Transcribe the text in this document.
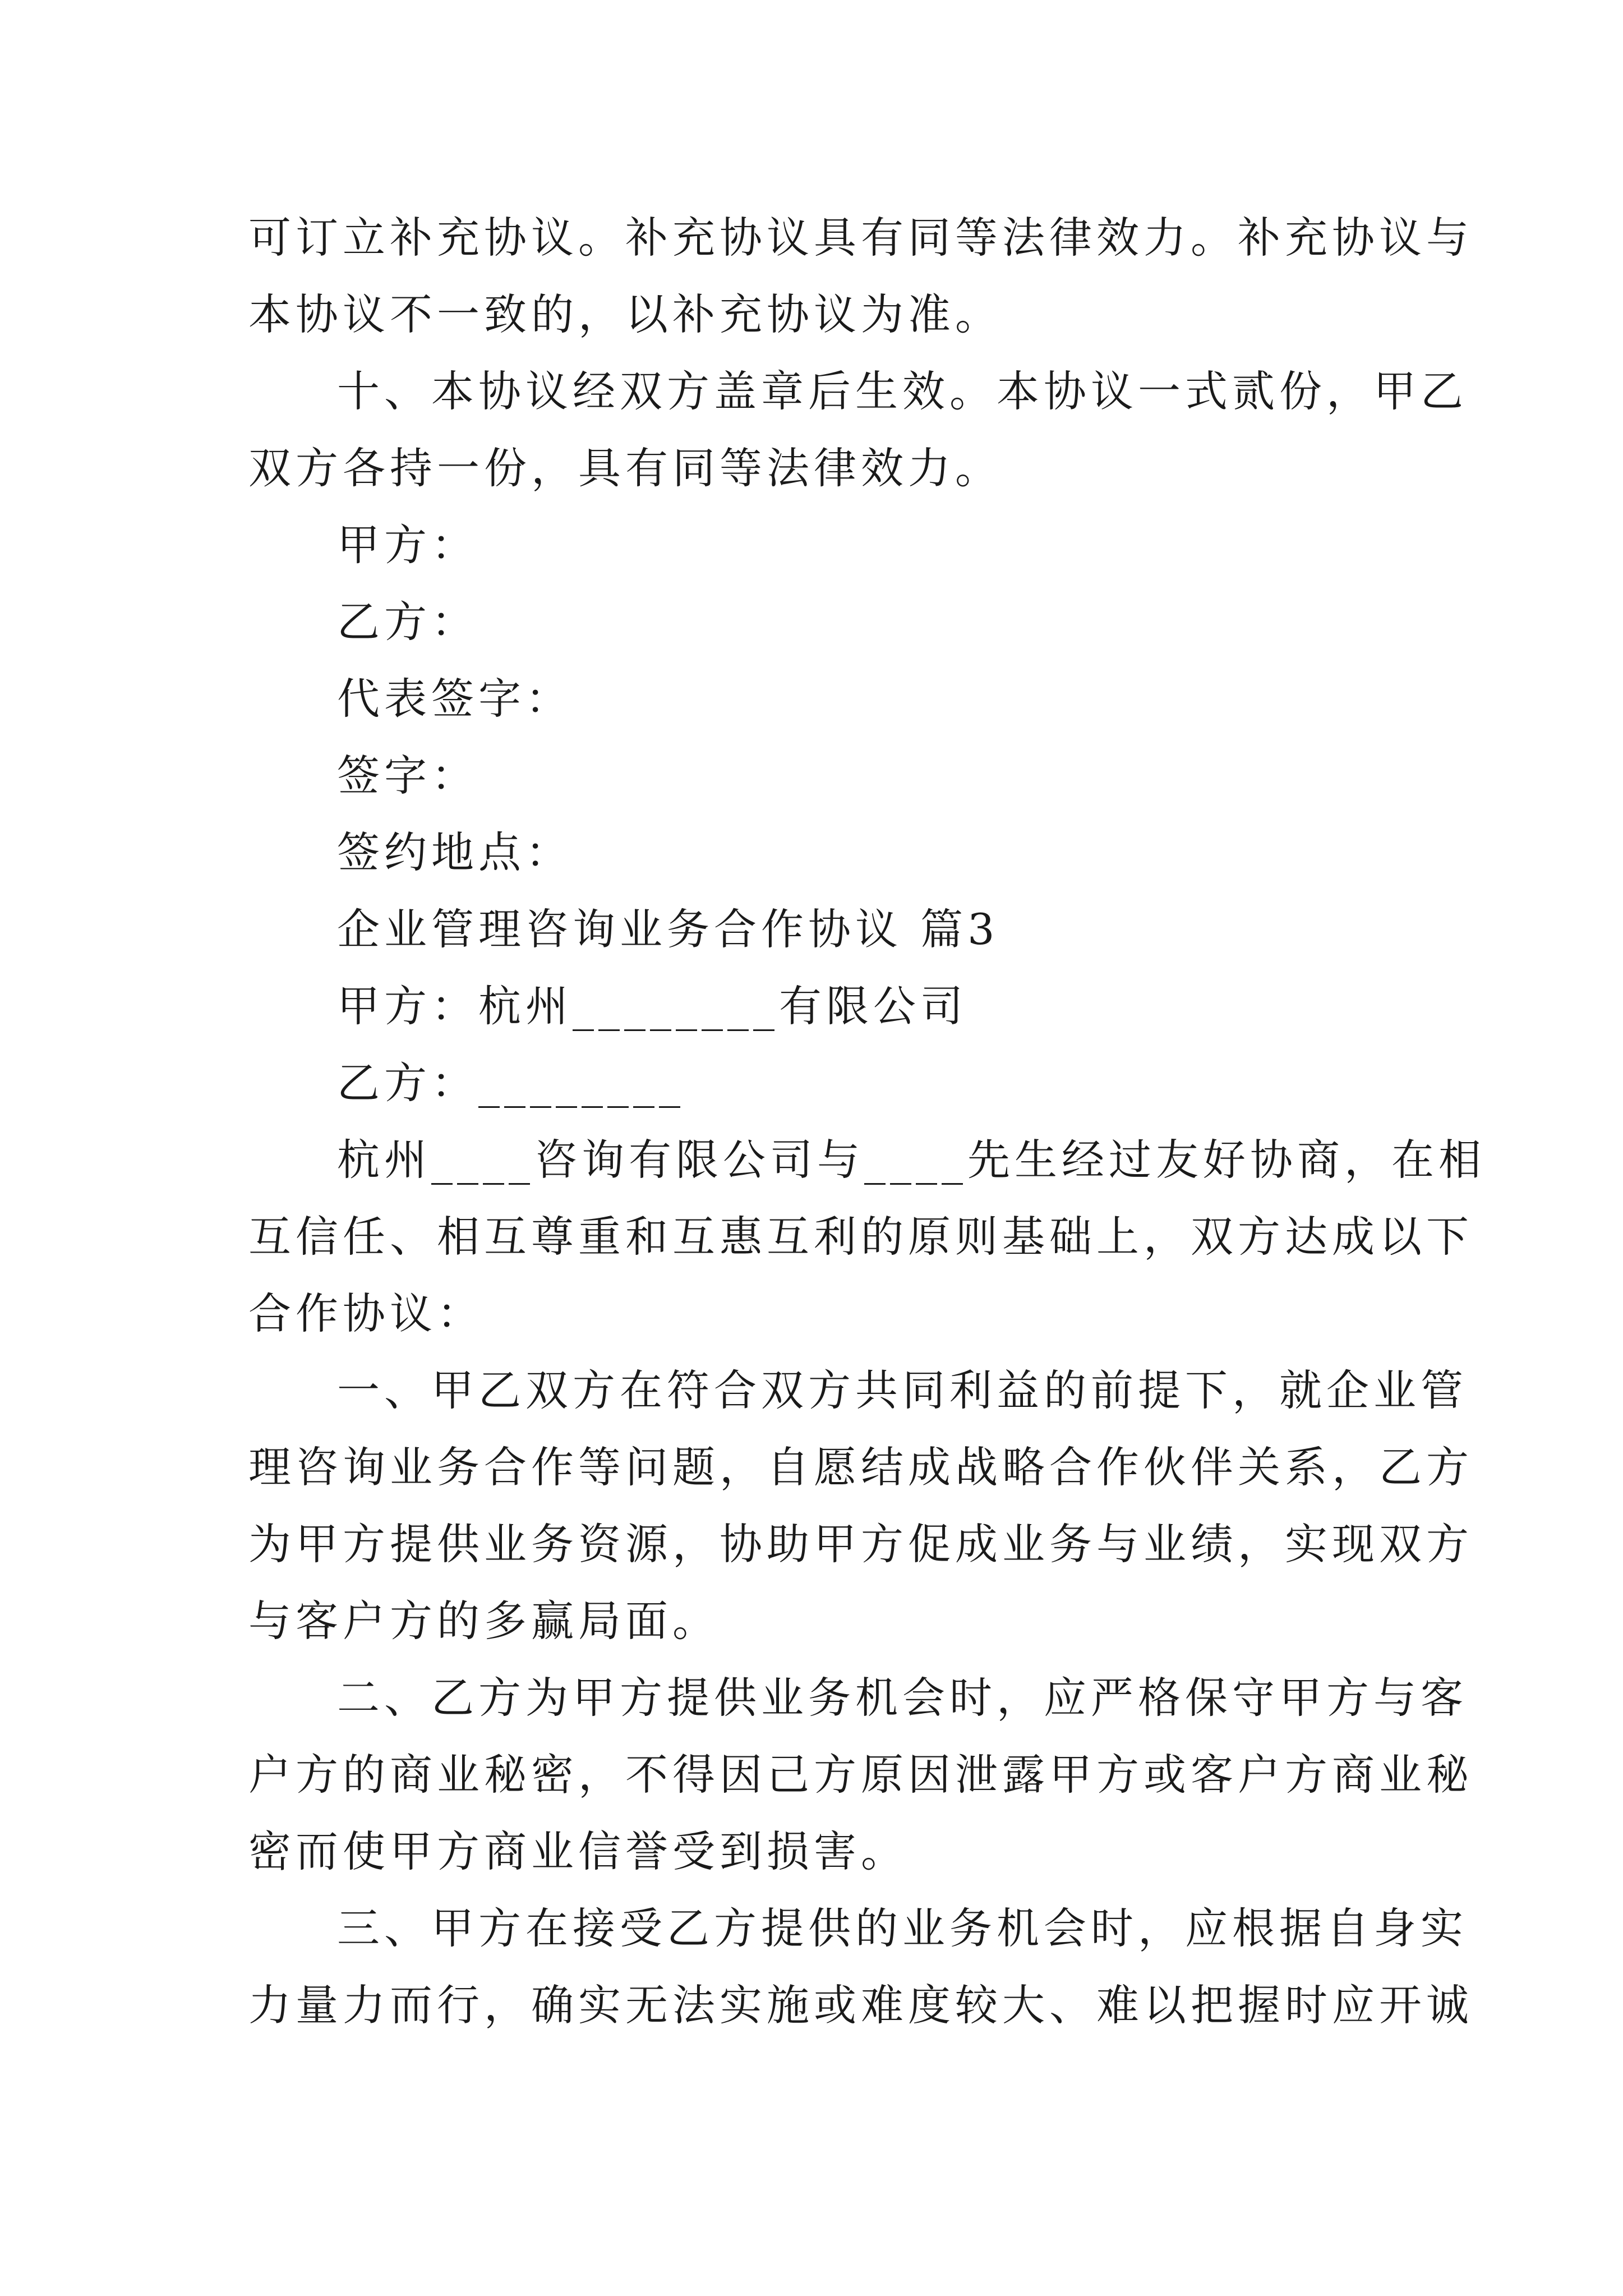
可订立补充协议。补充协议具有同等法律效力。补充协议与
本协议不一致的，以补充协议为准。
十、本协议经双方盖章后生效。本协议一式贰份，甲乙
双方各持一份，具有同等法律效力。
甲方：
乙方：
代表签字：
签字：
签约地点：
企业管理咨询业务合作协议 篇3
甲方：杭州________有限公司
乙方：________
杭州____咨询有限公司与____先生经过友好协商，在相
互信任、相互尊重和互惠互利的原则基础上，双方达成以下
合作协议：
一、甲乙双方在符合双方共同利益的前提下，就企业管
理咨询业务合作等问题，自愿结成战略合作伙伴关系，乙方
为甲方提供业务资源，协助甲方促成业务与业绩，实现双方
与客户方的多赢局面。
二、乙方为甲方提供业务机会时，应严格保守甲方与客
户方的商业秘密，不得因己方原因泄露甲方或客户方商业秘
密而使甲方商业信誉受到损害。
三、甲方在接受乙方提供的业务机会时，应根据自身实
力量力而行，确实无法实施或难度较大、难以把握时应开诚
